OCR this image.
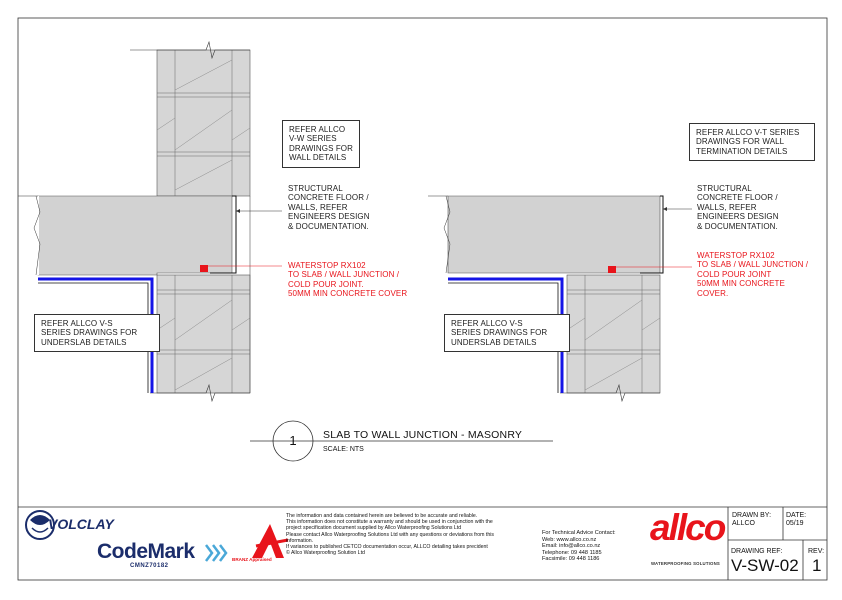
REFER ALLCO
V-W SERIES
DRAWINGS FOR
WALL DETAILS
STRUCTURAL
CONCRETE FLOOR /
WALLS, REFER
ENGINEERS DESIGN
& DOCUMENTATION.
WATERSTOP RX102
TO SLAB / WALL JUNCTION /
COLD POUR JOINT.
50MM MIN CONCRETE COVER
REFER ALLCO V-S
SERIES DRAWINGS FOR
UNDERSLAB DETAILS
REFER ALLCO V-T SERIES
DRAWINGS FOR WALL
TERMINATION DETAILS
STRUCTURAL
CONCRETE FLOOR /
WALLS, REFER
ENGINEERS DESIGN
& DOCUMENTATION.
WATERSTOP RX102
TO SLAB / WALL JUNCTION /
COLD POUR JOINT
50MM MIN CONCRETE
COVER.
REFER ALLCO V-S
SERIES DRAWINGS FOR
UNDERSLAB DETAILS
1	SLAB TO WALL JUNCTION - MASONRY
SCALE: NTS
VOLCLAY
CodeMark
CMNZ70182
BRANZ Appraised
The information and data contained herein are believed to be accurate and reliable.
This information does not constitute a warranty and should be used in conjunction with the
project specification document supplied by Allco Waterproofing Solutions Ltd
Please contact Allco Waterproofing Solutions Ltd with any questions or deviations from this
information.
If variances to published CETCO documentation occur, ALLCO detailing takes precident
© Allco Waterproofing Solution Ltd
For Technical Advice Contact:
Web: www.allco.co.nz
Email: info@allco.co.nz
Telephone: 09 448 1185
Facsimile: 09 448 1186
allco
WATERPROOFING SOLUTIONS
DRAWN BY:
ALLCO
DATE:
05/19
DRAWING REF:
V-SW-02
REV:
1
